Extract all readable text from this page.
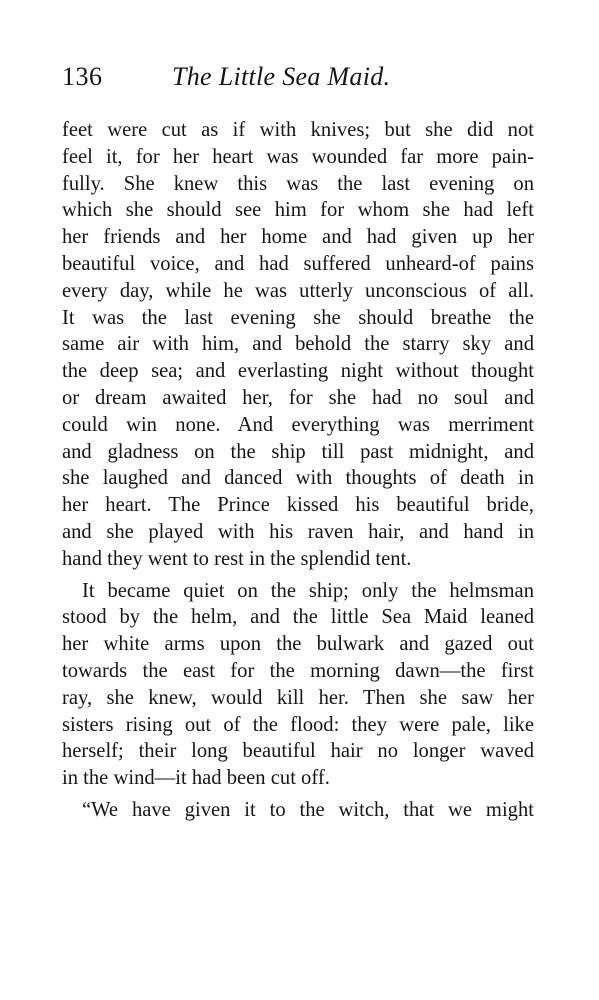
136	The Little Sea Maid.
feet were cut as if with knives; but she did not
feel it, for her heart was wounded far more pain-
fully. She knew this was the last evening on
which she should see him for whom she had left
her friends and her home and had given up her
beautiful voice, and had suffered unheard-of pains
every day, while he was utterly unconscious of all.
It was the last evening she should breathe the
same air with him, and behold the starry sky and
the deep sea; and everlasting night without thought
or dream awaited her, for she had no soul and
could win none. And everything was merriment
and gladness on the ship till past midnight, and
she laughed and danced with thoughts of death in
her heart. The Prince kissed his beautiful bride,
and she played with his raven hair, and hand in
hand they went to rest in the splendid tent.
It became quiet on the ship; only the helmsman
stood by the helm, and the little Sea Maid leaned
her white arms upon the bulwark and gazed out
towards the east for the morning dawn—the first
ray, she knew, would kill her. Then she saw her
sisters rising out of the flood: they were pale, like
herself; their long beautiful hair no longer waved
in the wind—it had been cut off.
“We have given it to the witch, that we might
